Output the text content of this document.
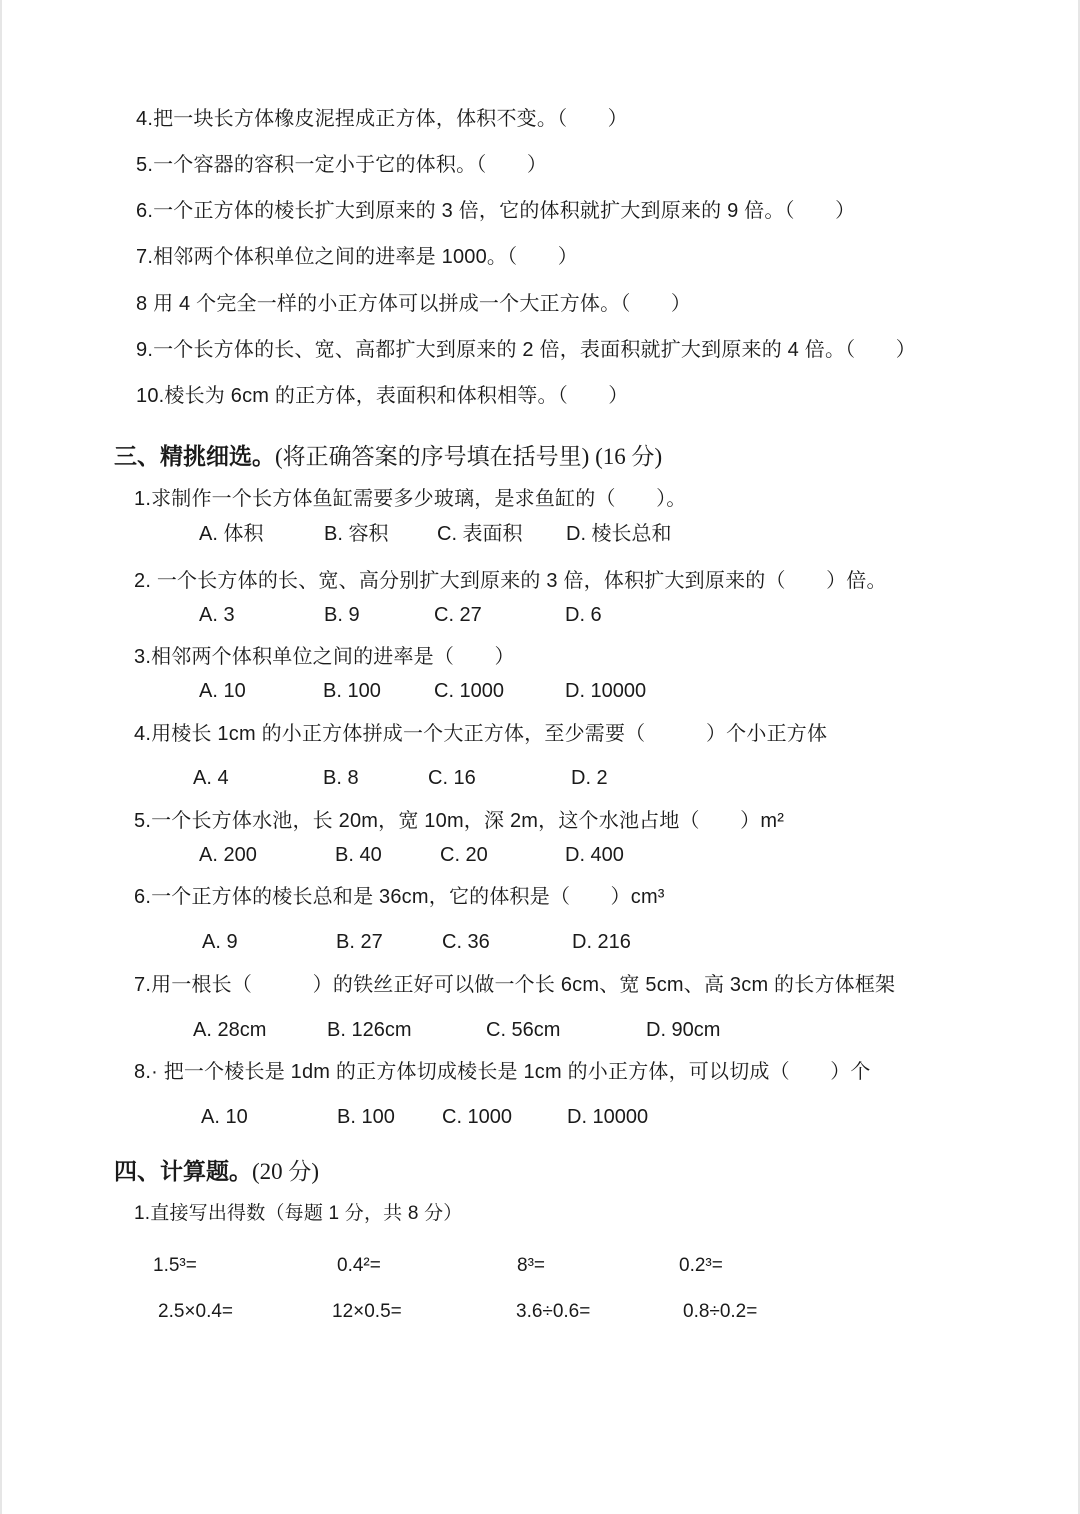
4.把一块长方体橡皮泥捏成正方体，体积不变。（　　）
5.一个容器的容积一定小于它的体积。（　　）
6.一个正方体的棱长扩大到原来的 3 倍，它的体积就扩大到原来的 9 倍。（　　）
7.相邻两个体积单位之间的进率是 1000。（　　）
8 用 4 个完全一样的小正方体可以拼成一个大正方体。（　　）
9.一个长方体的长、宽、高都扩大到原来的 2 倍，表面积就扩大到原来的 4 倍。（　　）
10.棱长为 6cm 的正方体，表面积和体积相等。（　　）
三、精挑细选。(将正确答案的序号填在括号里) (16 分)
1.求制作一个长方体鱼缸需要多少玻璃，是求鱼缸的（　　）。
A. 体积	B. 容积 C. 表面积 D. 棱长总和
2. 一个长方体的长、宽、高分别扩大到原来的 3 倍，体积扩大到原来的（　　）倍。
A. 3	B. 9	C. 27	D. 6
3.相邻两个体积单位之间的进率是（　　）
A. 10	B. 100	C. 1000	D. 10000
4.用棱长 1cm 的小正方体拼成一个大正方体，至少需要（　　　）个小正方体
A. 4	B. 8	C. 16	D. 2
5.一个长方体水池，长 20m，宽 10m，深 2m，这个水池占地（　　）m²
A. 200	B. 40	C. 20	D. 400
6.一个正方体的棱长总和是 36cm，它的体积是（　　）cm³
A. 9	B. 27	C. 36	D. 216
7.用一根长（　　　）的铁丝正好可以做一个长 6cm、宽 5cm、高 3cm 的长方体框架
A. 28cm	B. 126cm	C. 56cm	D. 90cm
8.· 把一个棱长是 1dm 的正方体切成棱长是 1cm 的小正方体，可以切成（　　）个
A. 10	B. 100 C. 1000	D. 10000
四、计算题。(20 分)
1.直接写出得数（每题 1 分，共 8 分）
1.5³=	0.4²=	8³=	0.2³=
2.5×0.4=	12×0.5=	3.6÷0.6=	0.8÷0.2=
